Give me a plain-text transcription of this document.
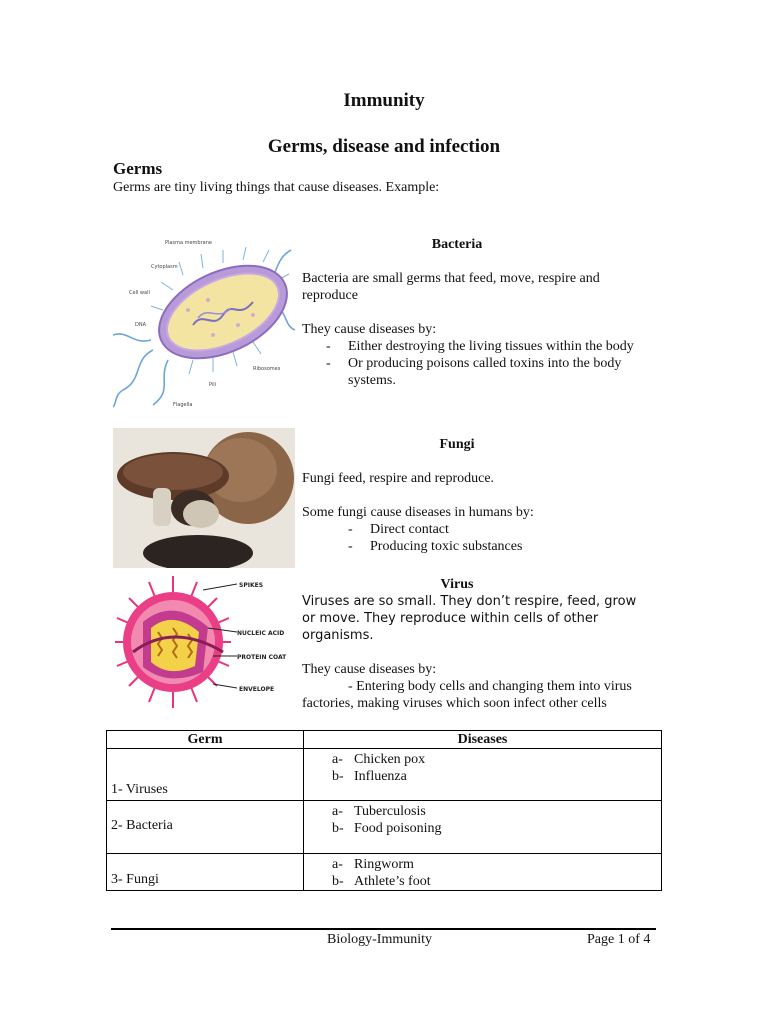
Immunity
Germs, disease and infection
Germs
Germs are tiny living things that cause diseases. Example:
Plasma membrane
Cytoplasm
Cell wall
DNA
Ribosomes
Pili
Flagella
Bacteria

Bacteria are small germs that feed, move, respire and reproduce

They cause diseases by:

- Either destroying the living tissues within the body
- Or producing poisons called toxins into the body systems.
Fungi

Fungi feed, respire and reproduce.

Some fungi cause diseases in humans by:

- Direct contact
- Producing toxic substances
SPIKES
NUCLEIC ACID
PROTEIN COAT
ENVELOPE
Virus

Viruses are so small. They don’t respire, feed, grow or move. They reproduce within cells of other organisms.

They cause diseases by:

- Entering body cells and changing them into virus factories, making viruses which soon infect other cells

Germ	Diseases
1- Viruses	a- Chicken pox
b- Influenza

2- Bacteria	a- Tuberculosis
b- Food poisoning

3- Fungi	a- Ringworm
b- Athlete’s foot
Biology-Immunity	Page 1 of 4
